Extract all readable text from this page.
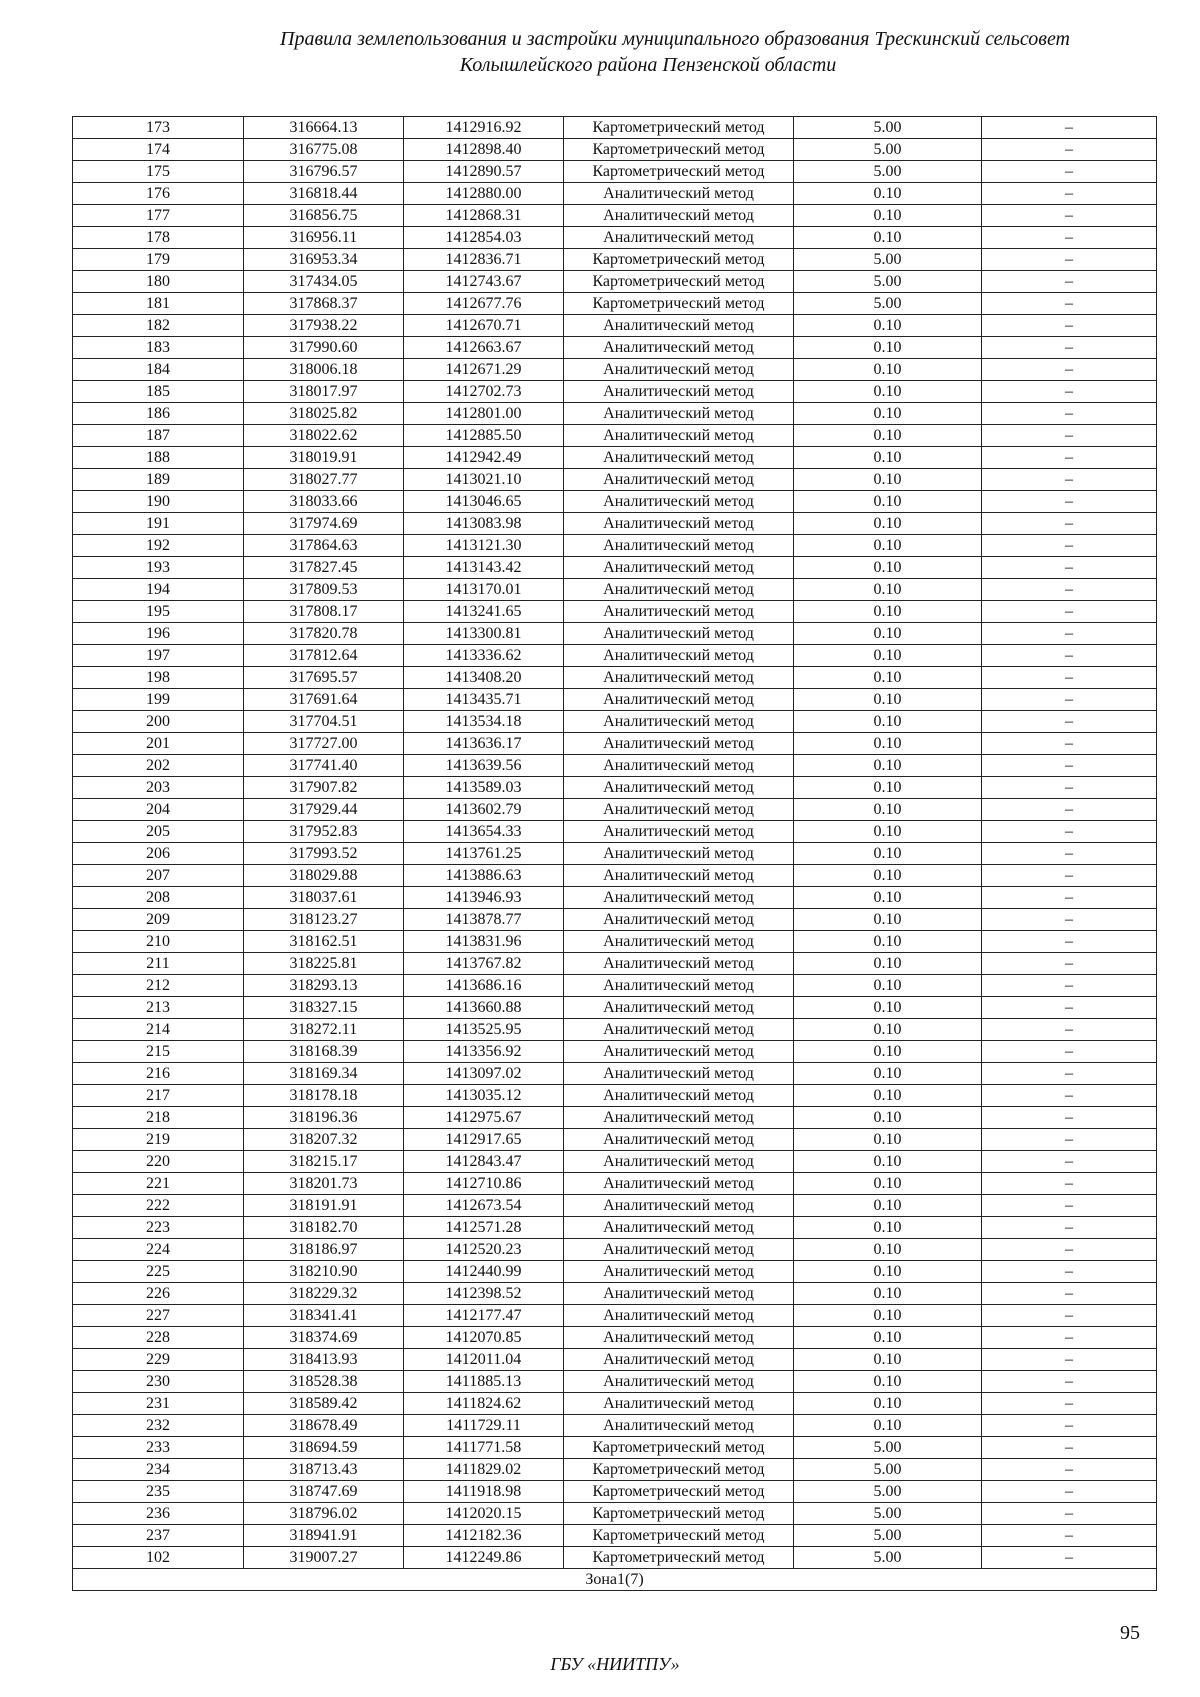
Правила землепользования и застройки муниципального образования Трескинский сельсовет
Колышлейского района Пензенской области
173	316664.13	1412916.92	Картометрический метод	5.00	–
174	316775.08	1412898.40	Картометрический метод	5.00	–
175	316796.57	1412890.57	Картометрический метод	5.00	–
176	316818.44	1412880.00	Аналитический метод	0.10	–
177	316856.75	1412868.31	Аналитический метод	0.10	–
178	316956.11	1412854.03	Аналитический метод	0.10	–
179	316953.34	1412836.71	Картометрический метод	5.00	–
180	317434.05	1412743.67	Картометрический метод	5.00	–
181	317868.37	1412677.76	Картометрический метод	5.00	–
182	317938.22	1412670.71	Аналитический метод	0.10	–
183	317990.60	1412663.67	Аналитический метод	0.10	–
184	318006.18	1412671.29	Аналитический метод	0.10	–
185	318017.97	1412702.73	Аналитический метод	0.10	–
186	318025.82	1412801.00	Аналитический метод	0.10	–
187	318022.62	1412885.50	Аналитический метод	0.10	–
188	318019.91	1412942.49	Аналитический метод	0.10	–
189	318027.77	1413021.10	Аналитический метод	0.10	–
190	318033.66	1413046.65	Аналитический метод	0.10	–
191	317974.69	1413083.98	Аналитический метод	0.10	–
192	317864.63	1413121.30	Аналитический метод	0.10	–
193	317827.45	1413143.42	Аналитический метод	0.10	–
194	317809.53	1413170.01	Аналитический метод	0.10	–
195	317808.17	1413241.65	Аналитический метод	0.10	–
196	317820.78	1413300.81	Аналитический метод	0.10	–
197	317812.64	1413336.62	Аналитический метод	0.10	–
198	317695.57	1413408.20	Аналитический метод	0.10	–
199	317691.64	1413435.71	Аналитический метод	0.10	–
200	317704.51	1413534.18	Аналитический метод	0.10	–
201	317727.00	1413636.17	Аналитический метод	0.10	–
202	317741.40	1413639.56	Аналитический метод	0.10	–
203	317907.82	1413589.03	Аналитический метод	0.10	–
204	317929.44	1413602.79	Аналитический метод	0.10	–
205	317952.83	1413654.33	Аналитический метод	0.10	–
206	317993.52	1413761.25	Аналитический метод	0.10	–
207	318029.88	1413886.63	Аналитический метод	0.10	–
208	318037.61	1413946.93	Аналитический метод	0.10	–
209	318123.27	1413878.77	Аналитический метод	0.10	–
210	318162.51	1413831.96	Аналитический метод	0.10	–
211	318225.81	1413767.82	Аналитический метод	0.10	–
212	318293.13	1413686.16	Аналитический метод	0.10	–
213	318327.15	1413660.88	Аналитический метод	0.10	–
214	318272.11	1413525.95	Аналитический метод	0.10	–
215	318168.39	1413356.92	Аналитический метод	0.10	–
216	318169.34	1413097.02	Аналитический метод	0.10	–
217	318178.18	1413035.12	Аналитический метод	0.10	–
218	318196.36	1412975.67	Аналитический метод	0.10	–
219	318207.32	1412917.65	Аналитический метод	0.10	–
220	318215.17	1412843.47	Аналитический метод	0.10	–
221	318201.73	1412710.86	Аналитический метод	0.10	–
222	318191.91	1412673.54	Аналитический метод	0.10	–
223	318182.70	1412571.28	Аналитический метод	0.10	–
224	318186.97	1412520.23	Аналитический метод	0.10	–
225	318210.90	1412440.99	Аналитический метод	0.10	–
226	318229.32	1412398.52	Аналитический метод	0.10	–
227	318341.41	1412177.47	Аналитический метод	0.10	–
228	318374.69	1412070.85	Аналитический метод	0.10	–
229	318413.93	1412011.04	Аналитический метод	0.10	–
230	318528.38	1411885.13	Аналитический метод	0.10	–
231	318589.42	1411824.62	Аналитический метод	0.10	–
232	318678.49	1411729.11	Аналитический метод	0.10	–
233	318694.59	1411771.58	Картометрический метод	5.00	–
234	318713.43	1411829.02	Картометрический метод	5.00	–
235	318747.69	1411918.98	Картометрический метод	5.00	–
236	318796.02	1412020.15	Картометрический метод	5.00	–
237	318941.91	1412182.36	Картометрический метод	5.00	–
102	319007.27	1412249.86	Картометрический метод	5.00	–
Зона1(7)					
95
ГБУ «НИИТПУ»
